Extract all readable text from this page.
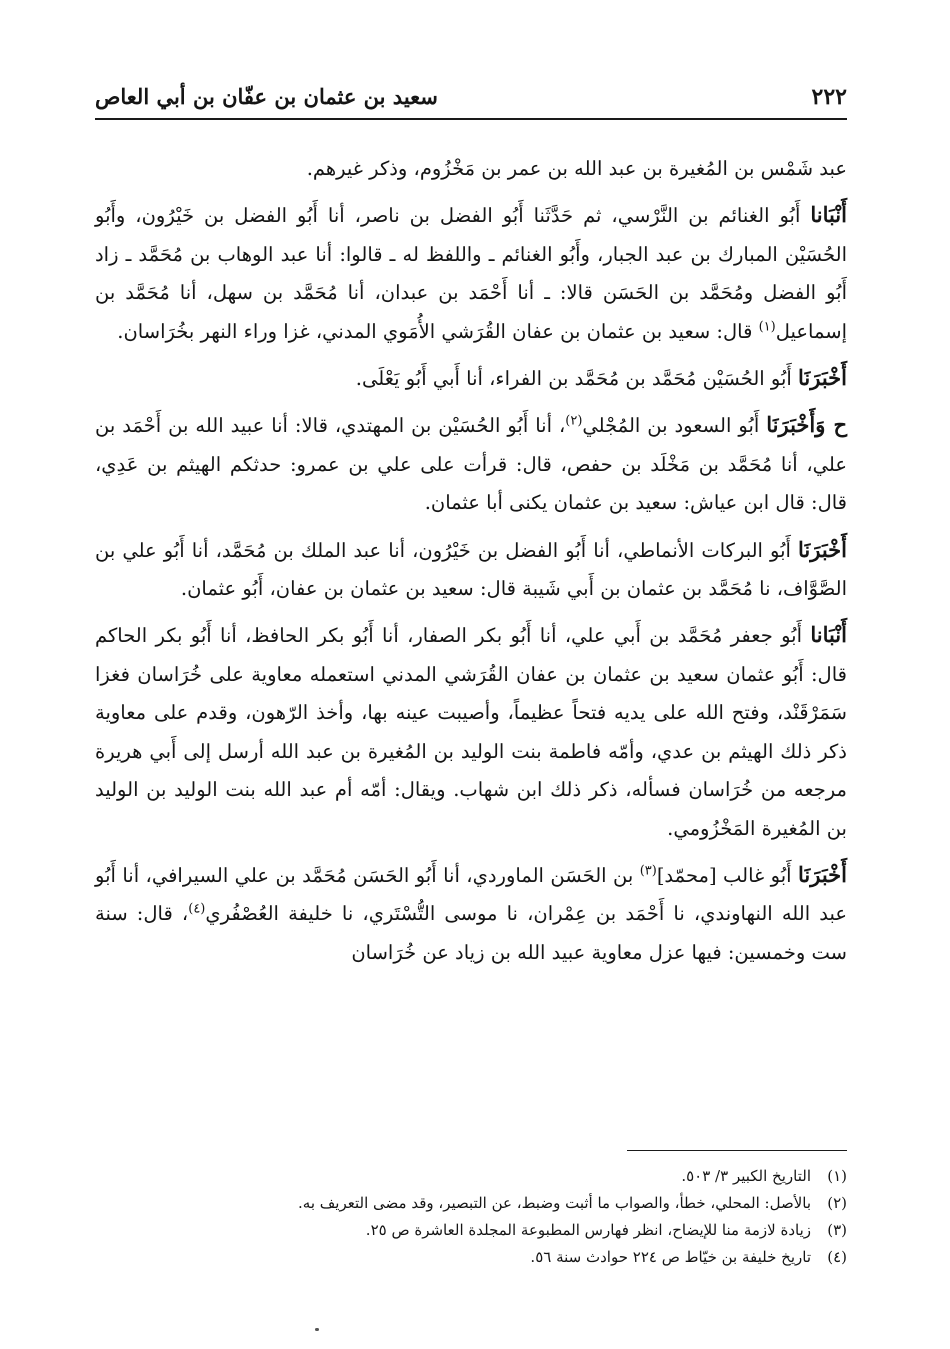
٢٢٢
سعيد بن عثمان بن عفّان بن أبي العاص

عبد شَمْس بن المُغيرة بن عبد الله بن عمر بن مَخْزُوم، وذكر غيرهم.

أَنْبَانا أَبُو الغنائم بن النَّرْسي، ثم حَدَّثَنا أَبُو الفضل بن ناصر، أنا أَبُو الفضل بن خَيْرُون، وأَبُو الحُسَيْن المبارك بن عبد الجبار، وأَبُو الغنائم ـ واللفظ له ـ قالوا: أنا عبد الوهاب بن مُحَمَّد ـ زاد أَبُو الفضل ومُحَمَّد بن الحَسَن قالا: ـ أنا أَحْمَد بن عبدان، أنا مُحَمَّد بن سهل، أنا مُحَمَّد بن إسماعيل$^{(١)}$ قال: سعيد بن عثمان بن عفان القُرَشي الأُمَوي المدني، غزا وراء النهر بخُرَاسان.

أَخْبَرَنَا أَبُو الحُسَيْن مُحَمَّد بن مُحَمَّد بن الفراء، أنا أَبي أَبُو يَعْلَى.

ح وَأَخْبَرَنَا أَبُو السعود بن المُجْلي$^{(٢)}$، أنا أَبُو الحُسَيْن بن المهتدي، قالا: أنا عبيد الله بن أَحْمَد بن علي، أنا مُحَمَّد بن مَخْلَد بن حفص، قال: قرأت على علي بن عمرو: حدثكم الهيثم بن عَدِي، قال: قال ابن عياش: سعيد بن عثمان يكنى أبا عثمان.

أَخْبَرَنَا أَبُو البركات الأنماطي، أنا أَبُو الفضل بن خَيْرُون، أنا عبد الملك بن مُحَمَّد، أنا أَبُو علي بن الصَّوَّاف، نا مُحَمَّد بن عثمان بن أَبي شَيبة قال: سعيد بن عثمان بن عفان، أَبُو عثمان.

أَنْبَانا أَبُو جعفر مُحَمَّد بن أَبي علي، أنا أَبُو بكر الصفار، أنا أَبُو بكر الحافظ، أنا أَبُو بكر الحاكم قال: أَبُو عثمان سعيد بن عثمان بن عفان القُرَشي المدني استعمله معاوية على خُرَاسان فغزا سَمَرْقَنْد، وفتح الله على يديه فتحاً عظيماً، وأصيبت عينه بها، وأخذ الرّهون، وقدم على معاوية ذكر ذلك الهيثم بن عدي، وأمّه فاطمة بنت الوليد بن المُغيرة بن عبد الله أرسل إلى أَبي هريرة مرجعه من خُرَاسان فسأله، ذكر ذلك ابن شهاب. ويقال: أمّه أم عبد الله بنت الوليد بن الوليد بن المُغيرة المَخْزُومي.

أَخْبَرَنَا أَبُو غالب [محمّد]$^{(٣)}$ بن الحَسَن الماوردي، أنا أَبُو الحَسَن مُحَمَّد بن علي السيرافي، أنا أَبُو عبد الله النهاوندي، نا أَحْمَد بن عِمْران، نا موسى التُّسْتَري، نا خليفة العُصْفُري$^{(٤)}$، قال: سنة ست وخمسين: فيها عزل معاوية عبيد الله بن زياد عن خُرَاسان

(١)التاريخ الكبير ٣/ ٥٠٣.

(٢)بالأصل: المحلي، خطأ، والصواب ما أثبت وضبط، عن التبصير، وقد مضى التعريف به.

(٣)زيادة لازمة منا للإيضاح، انظر فهارس المطبوعة المجلدة العاشرة ص ٢٥.

(٤)تاريخ خليفة بن خيّاط ص ٢٢٤ حوادث سنة ٥٦.
